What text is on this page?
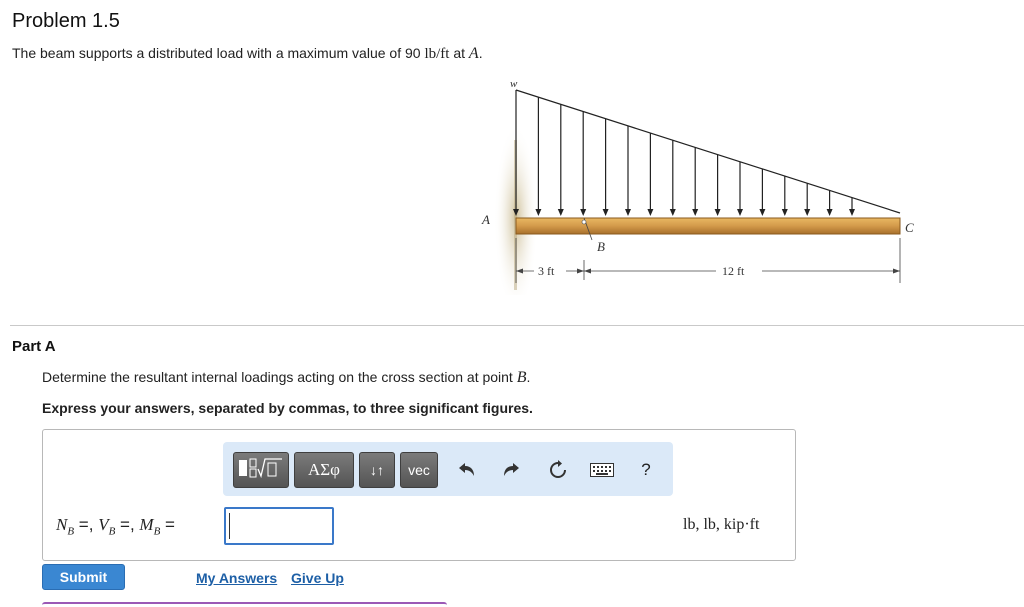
Problem 1.5
The beam supports a distributed load with a maximum value of 90 lb/ft at A.
w
A
B
C
3 ft	12 ft
Part A
Determine the resultant internal loadings acting on the cross section at point B.
Express your answers, separated by commas, to three significant figures.
ΑΣφ	↓↑	vec	?
$N_B$ =, $V_B$ =, $M_B$ =	lb, lb, kip·ft
Submit	My Answers Give Up
